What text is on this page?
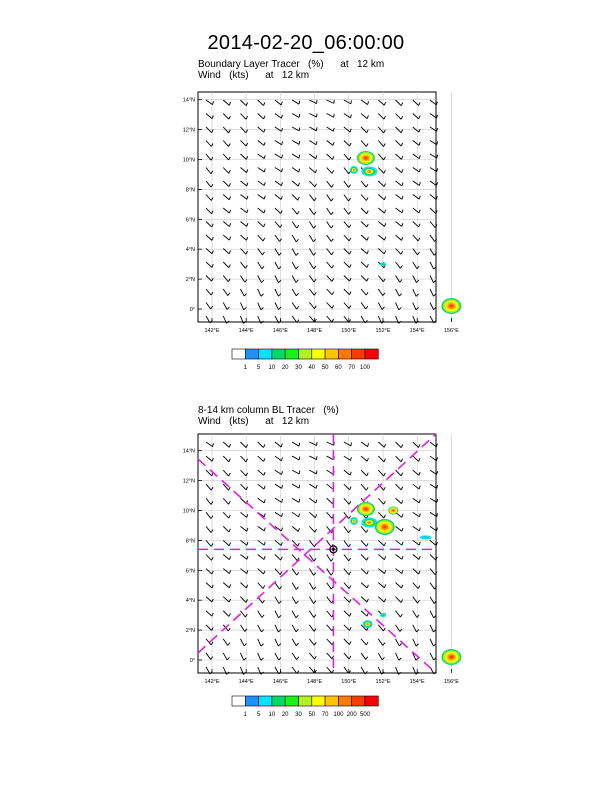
2014-02-20_06:00:00
Boundary Layer Tracer   (%)      at   12 km
Wind   (kts)      at   12 km
142°E	144°E	146°E	148°E	150°E	152°E	154°E	156°E
0°
2°N
4°N
6°N
8°N
10°N
12°N
14°N
1 5 10 20 30 40 50 60 70 100
8-14 km column BL Tracer   (%)
Wind   (kts)      at   12 km
142°E	144°E	146°E	148°E	150°E	152°E	154°E	156°E
0°
2°N
4°N
6°N
8°N
10°N
12°N
14°N
1 5 10 20 30 50 70 100 200 500
